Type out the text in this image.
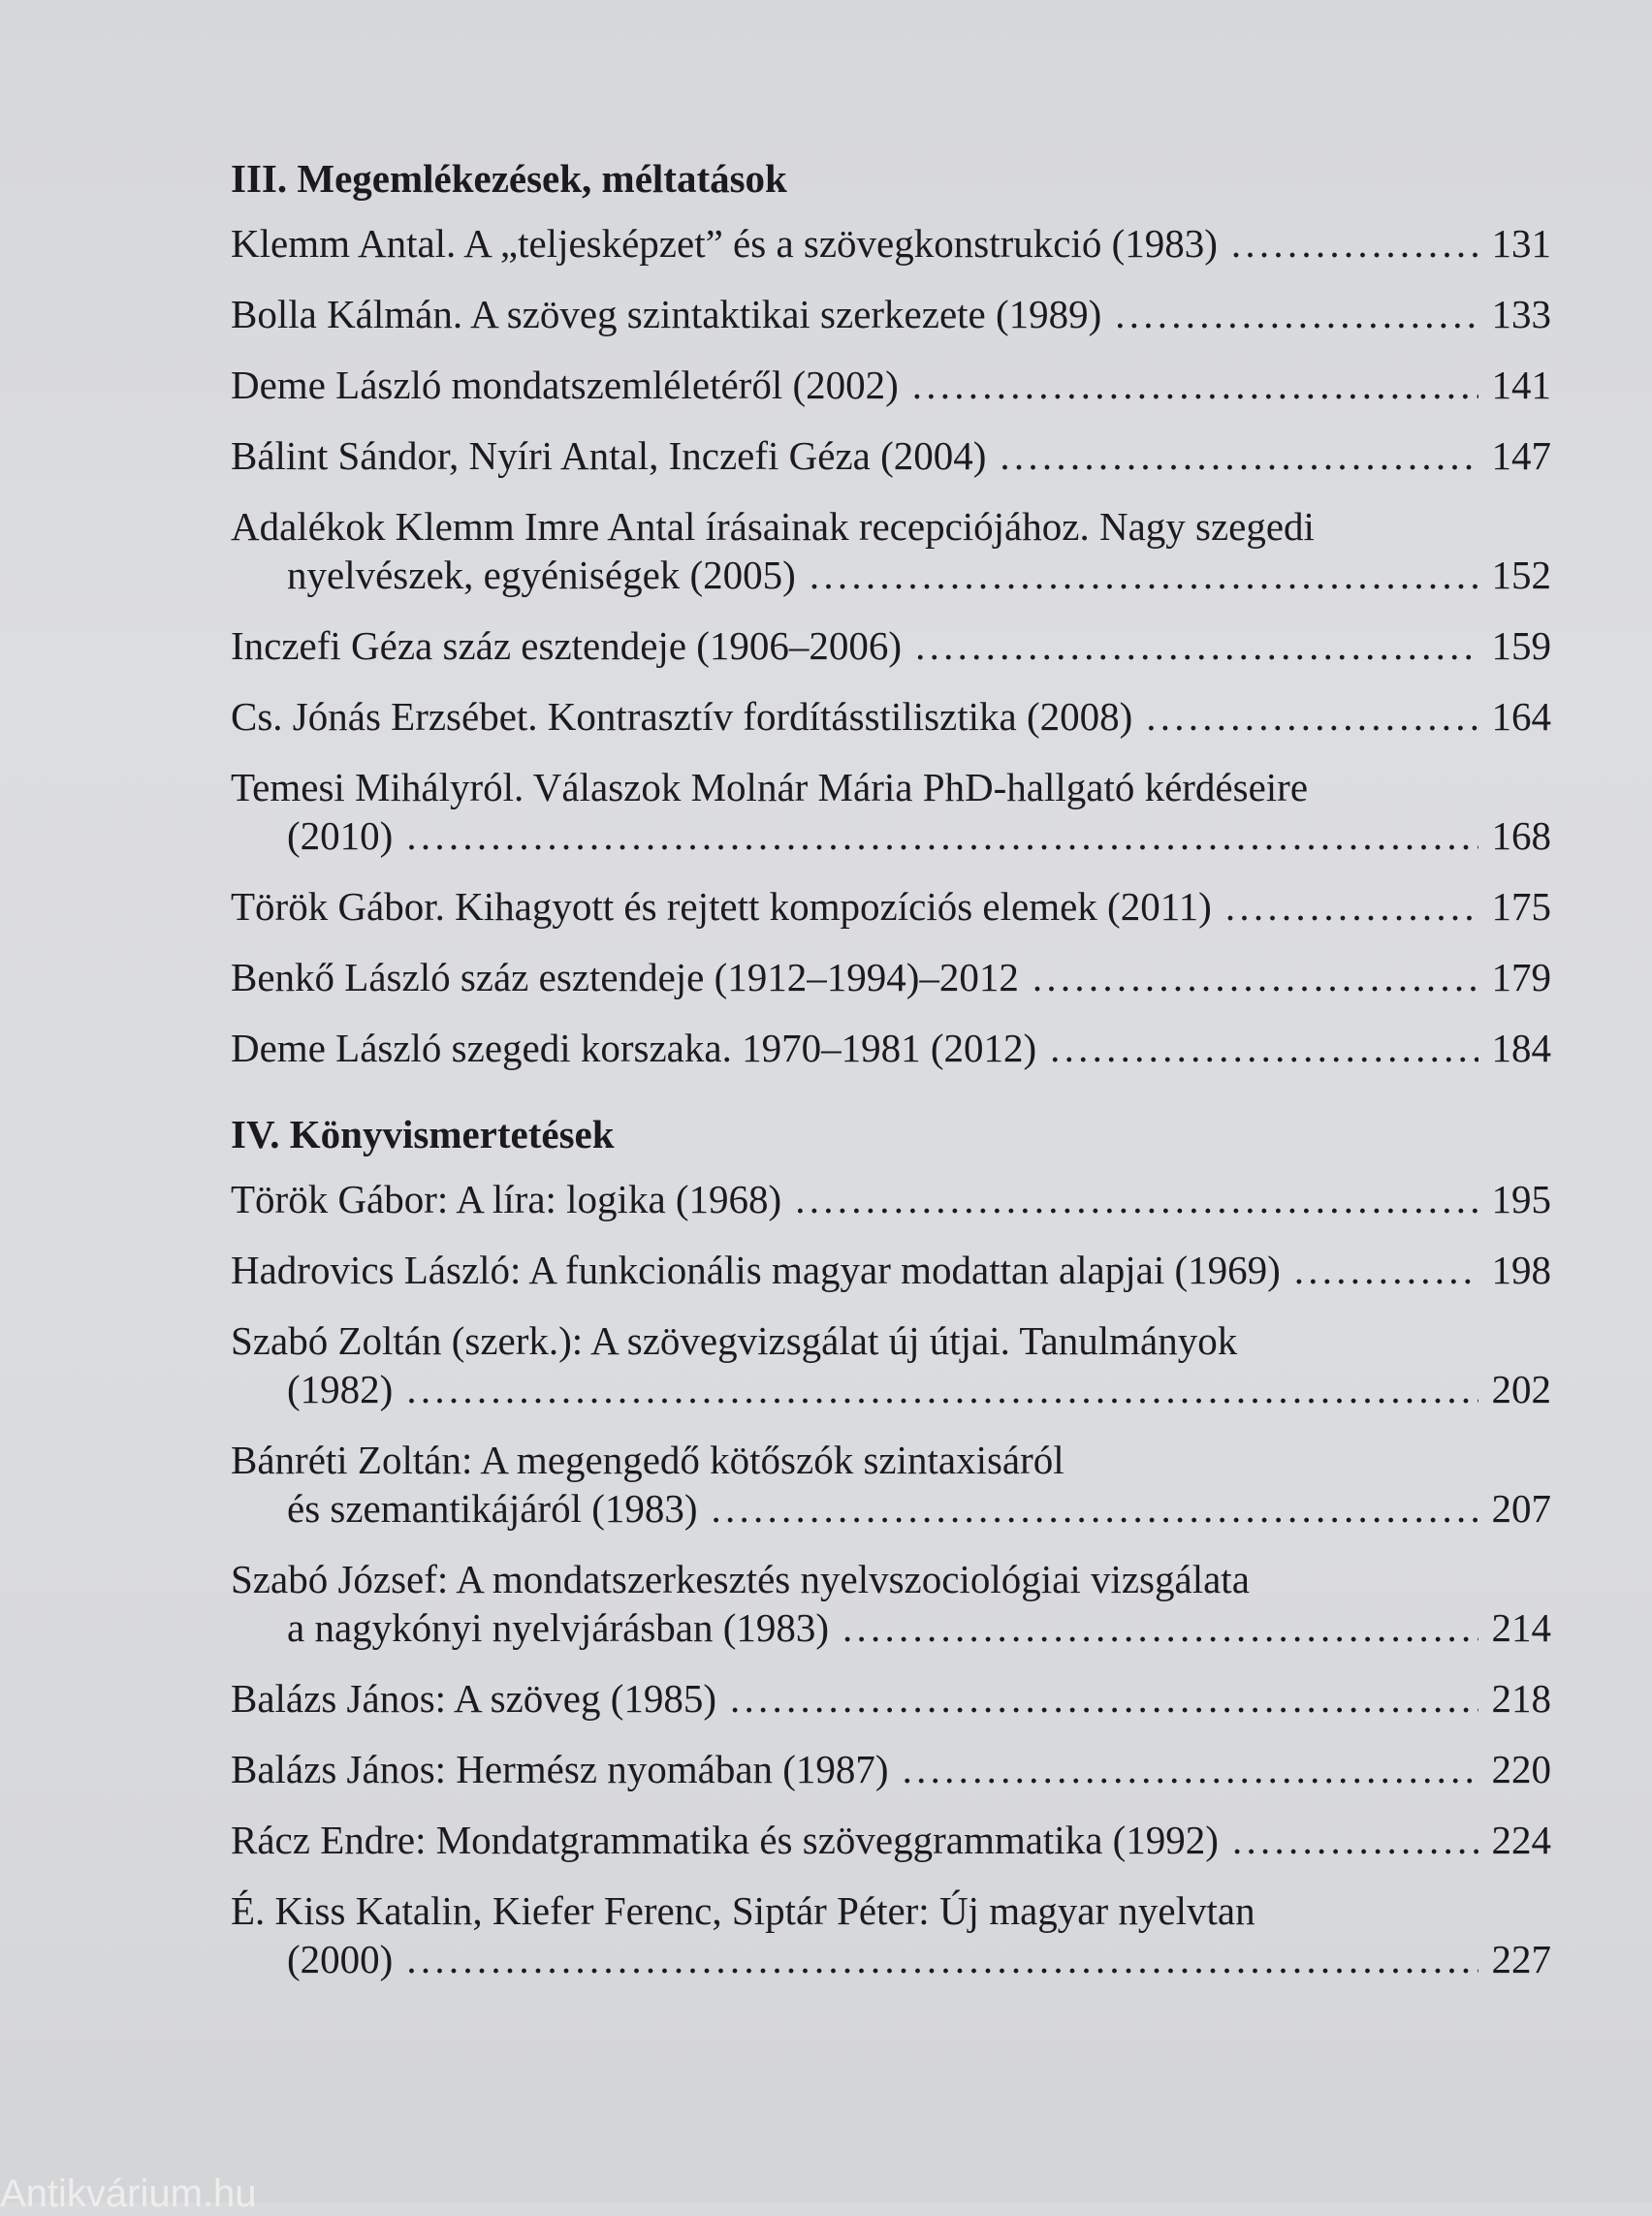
III. Megemlékezések, méltatások
Klemm Antal. A „teljesképzet” és a szövegkonstrukció (1983) . . .	131
Bolla Kálmán. A szöveg szintaktikai szerkezete (1989) . . .	133
Deme László mondatszemléletéről (2002) . . .	141
Bálint Sándor, Nyíri Antal, Inczefi Géza (2004) . . .	147
Adalékok Klemm Imre Antal írásainak recepciójához. Nagy szegedi
nyelvészek, egyéniségek (2005) . . .	152
Inczefi Géza száz esztendeje (1906–2006) . . .	159
Cs. Jónás Erzsébet. Kontrasztív fordításstilisztika (2008) . . .	164
Temesi Mihályról. Válaszok Molnár Mária PhD-hallgató kérdéseire
(2010) . . .	168
Török Gábor. Kihagyott és rejtett kompozíciós elemek (2011) . . .	175
Benkő László száz esztendeje (1912–1994)–2012 . . .	179
Deme László szegedi korszaka. 1970–1981 (2012) . . .	184
IV. Könyvismertetések
Török Gábor: A líra: logika (1968) . . .	195
Hadrovics László: A funkcionális magyar modattan alapjai (1969) . . .	198
Szabó Zoltán (szerk.): A szövegvizsgálat új útjai. Tanulmányok
(1982) . . .	202
Bánréti Zoltán: A megengedő kötőszók szintaxisáról
és szemantikájáról (1983) . . .	207
Szabó József: A mondatszerkesztés nyelvszociológiai vizsgálata
a nagykónyi nyelvjárásban (1983) . . .	214
Balázs János: A szöveg (1985) . . .	218
Balázs János: Hermész nyomában (1987) . . .	220
Rácz Endre: Mondatgrammatika és szöveggrammatika (1992) . . .	224
É. Kiss Katalin, Kiefer Ferenc, Siptár Péter: Új magyar nyelvtan
(2000) . . .	227
Antikvárium.hu
